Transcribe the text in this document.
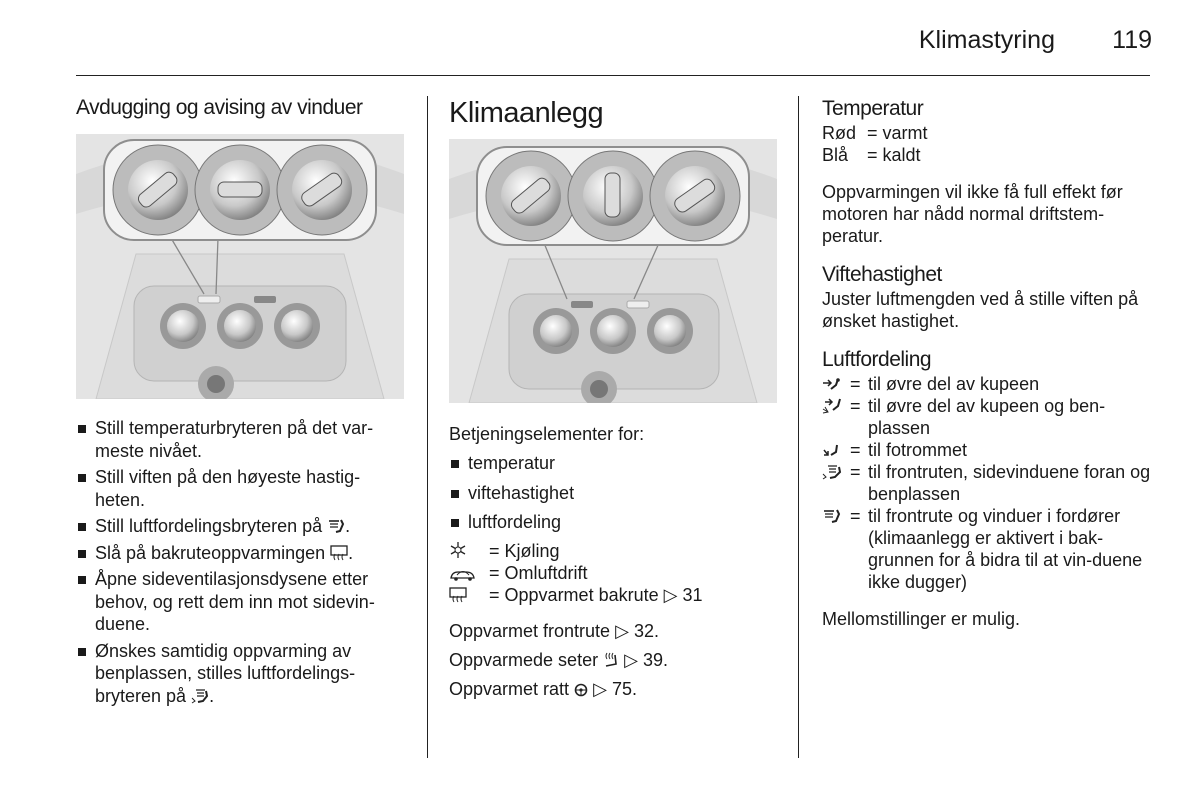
Klimastyring	119
Avdugging og avising av vinduer
Still temperaturbryteren på det var-meste nivået.
Still viften på den høyeste hastig-heten.
Still luftfordelingsbryteren på .
Slå på bakruteoppvarmingen .
Åpne sideventilasjonsdysene etter behov, og rett dem inn mot sidevin-duene.
Ønskes samtidig oppvarming av benplassen, stilles luftfordelings-bryteren på .
Klimaanlegg

Betjeningselementer for:

temperatur
viftehastighet
luftfordeling
=
Kjøling
=
Omluftdrift
=
Oppvarmet bakrute
▷
31

Oppvarmet frontrute ▷ 32.

Oppvarmede seter ▷ 39.

Oppvarmet ratt ▷ 75.

Temperatur
Rød =
varmt
Blå	=
kaldt

Oppvarmingen vil ikke få full effekt før motoren har nådd normal driftstem-peratur.

Viftehastighet

Juster luftmengden ved å stille viften på ønsket hastighet.

Luftfordeling
= til øvre del av kupeen
= til øvre del av kupeen og ben-plassen
= til fotrommet
= til frontruten, sidevinduene foran og benplassen
= til frontrute og vinduer i fordører (klimaanlegg er aktivert i bak-grunnen for å bidra til at vin-duene ikke dugger)

Mellomstillinger er mulig.
